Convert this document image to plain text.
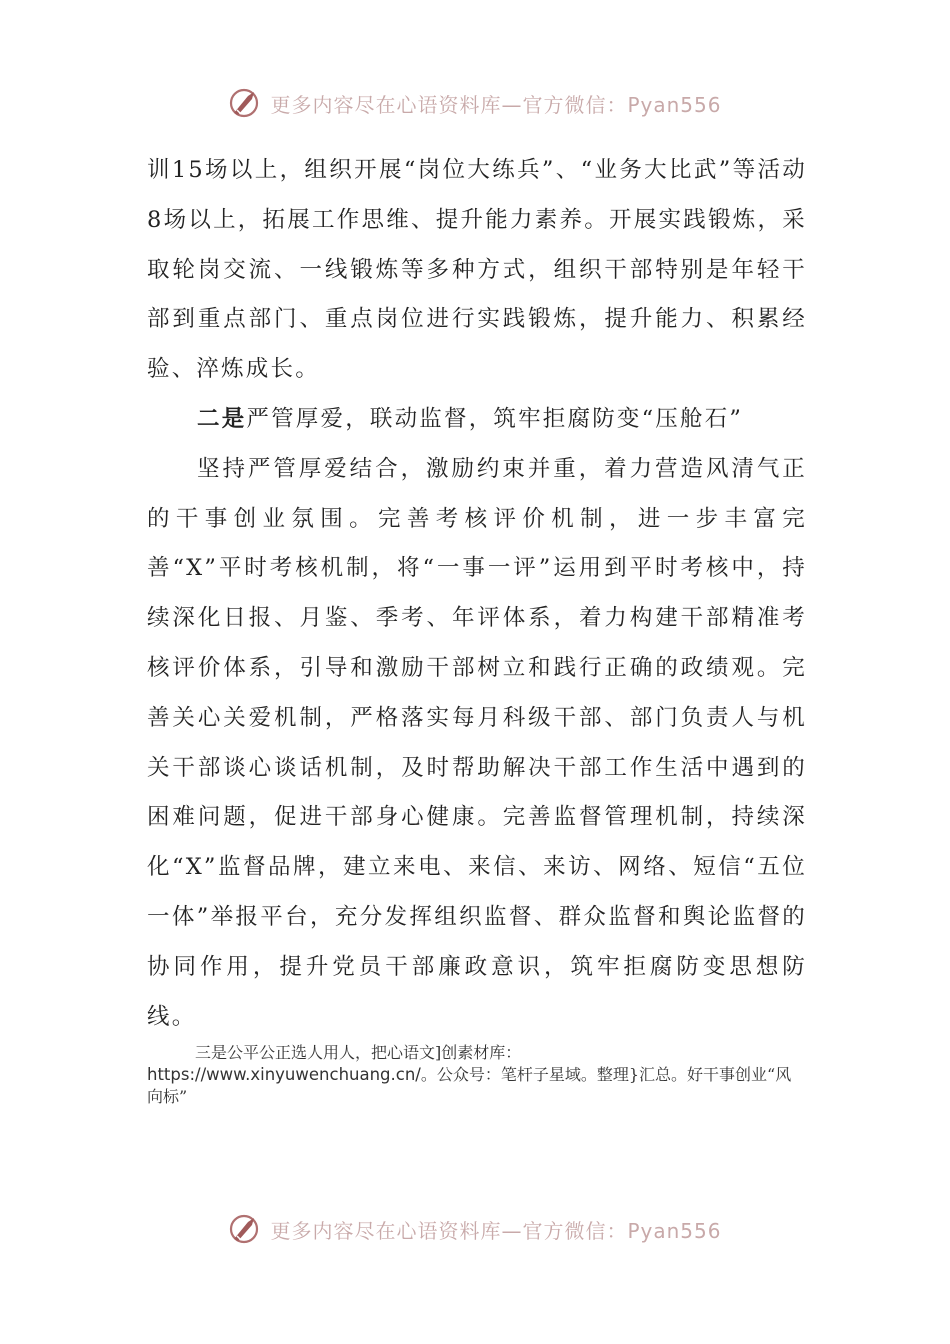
更多内容尽在心语资料库—官方微信：Pyan556

训15场以上，组织开展“岗位大练兵”、“业务大比武”等活动8场以上，拓展工作思维、提升能力素养。开展实践锻炼，采取轮岗交流、一线锻炼等多种方式，组织干部特别是年轻干部到重点部门、重点岗位进行实践锻炼，提升能力、积累经验、淬炼成长。

二是严管厚爱，联动监督，筑牢拒腐防变“压舱石”

坚持严管厚爱结合，激励约束并重，着力营造风清气正的干事创业氛围。完善考核评价机制，进一步丰富完善“X”平时考核机制，将“一事一评”运用到平时考核中，持续深化日报、月鉴、季考、年评体系，着力构建干部精准考核评价体系，引导和激励干部树立和践行正确的政绩观。完善关心关爱机制，严格落实每月科级干部、部门负责人与机关干部谈心谈话机制，及时帮助解决干部工作生活中遇到的困难问题，促进干部身心健康。完善监督管理机制，持续深化“X”监督品牌，建立来电、来信、来访、网络、短信“五位一体”举报平台，充分发挥组织监督、群众监督和舆论监督的协同作用，提升党员干部廉政意识，筑牢拒腐防变思想防线。

三是公平公正选人用人，把心语文]创素材库：https://www.xinyuwenchuang.cn/。公众号：笔杆子星域。整理}汇总。好干事创业“风向标”
更多内容尽在心语资料库—官方微信：Pyan556
